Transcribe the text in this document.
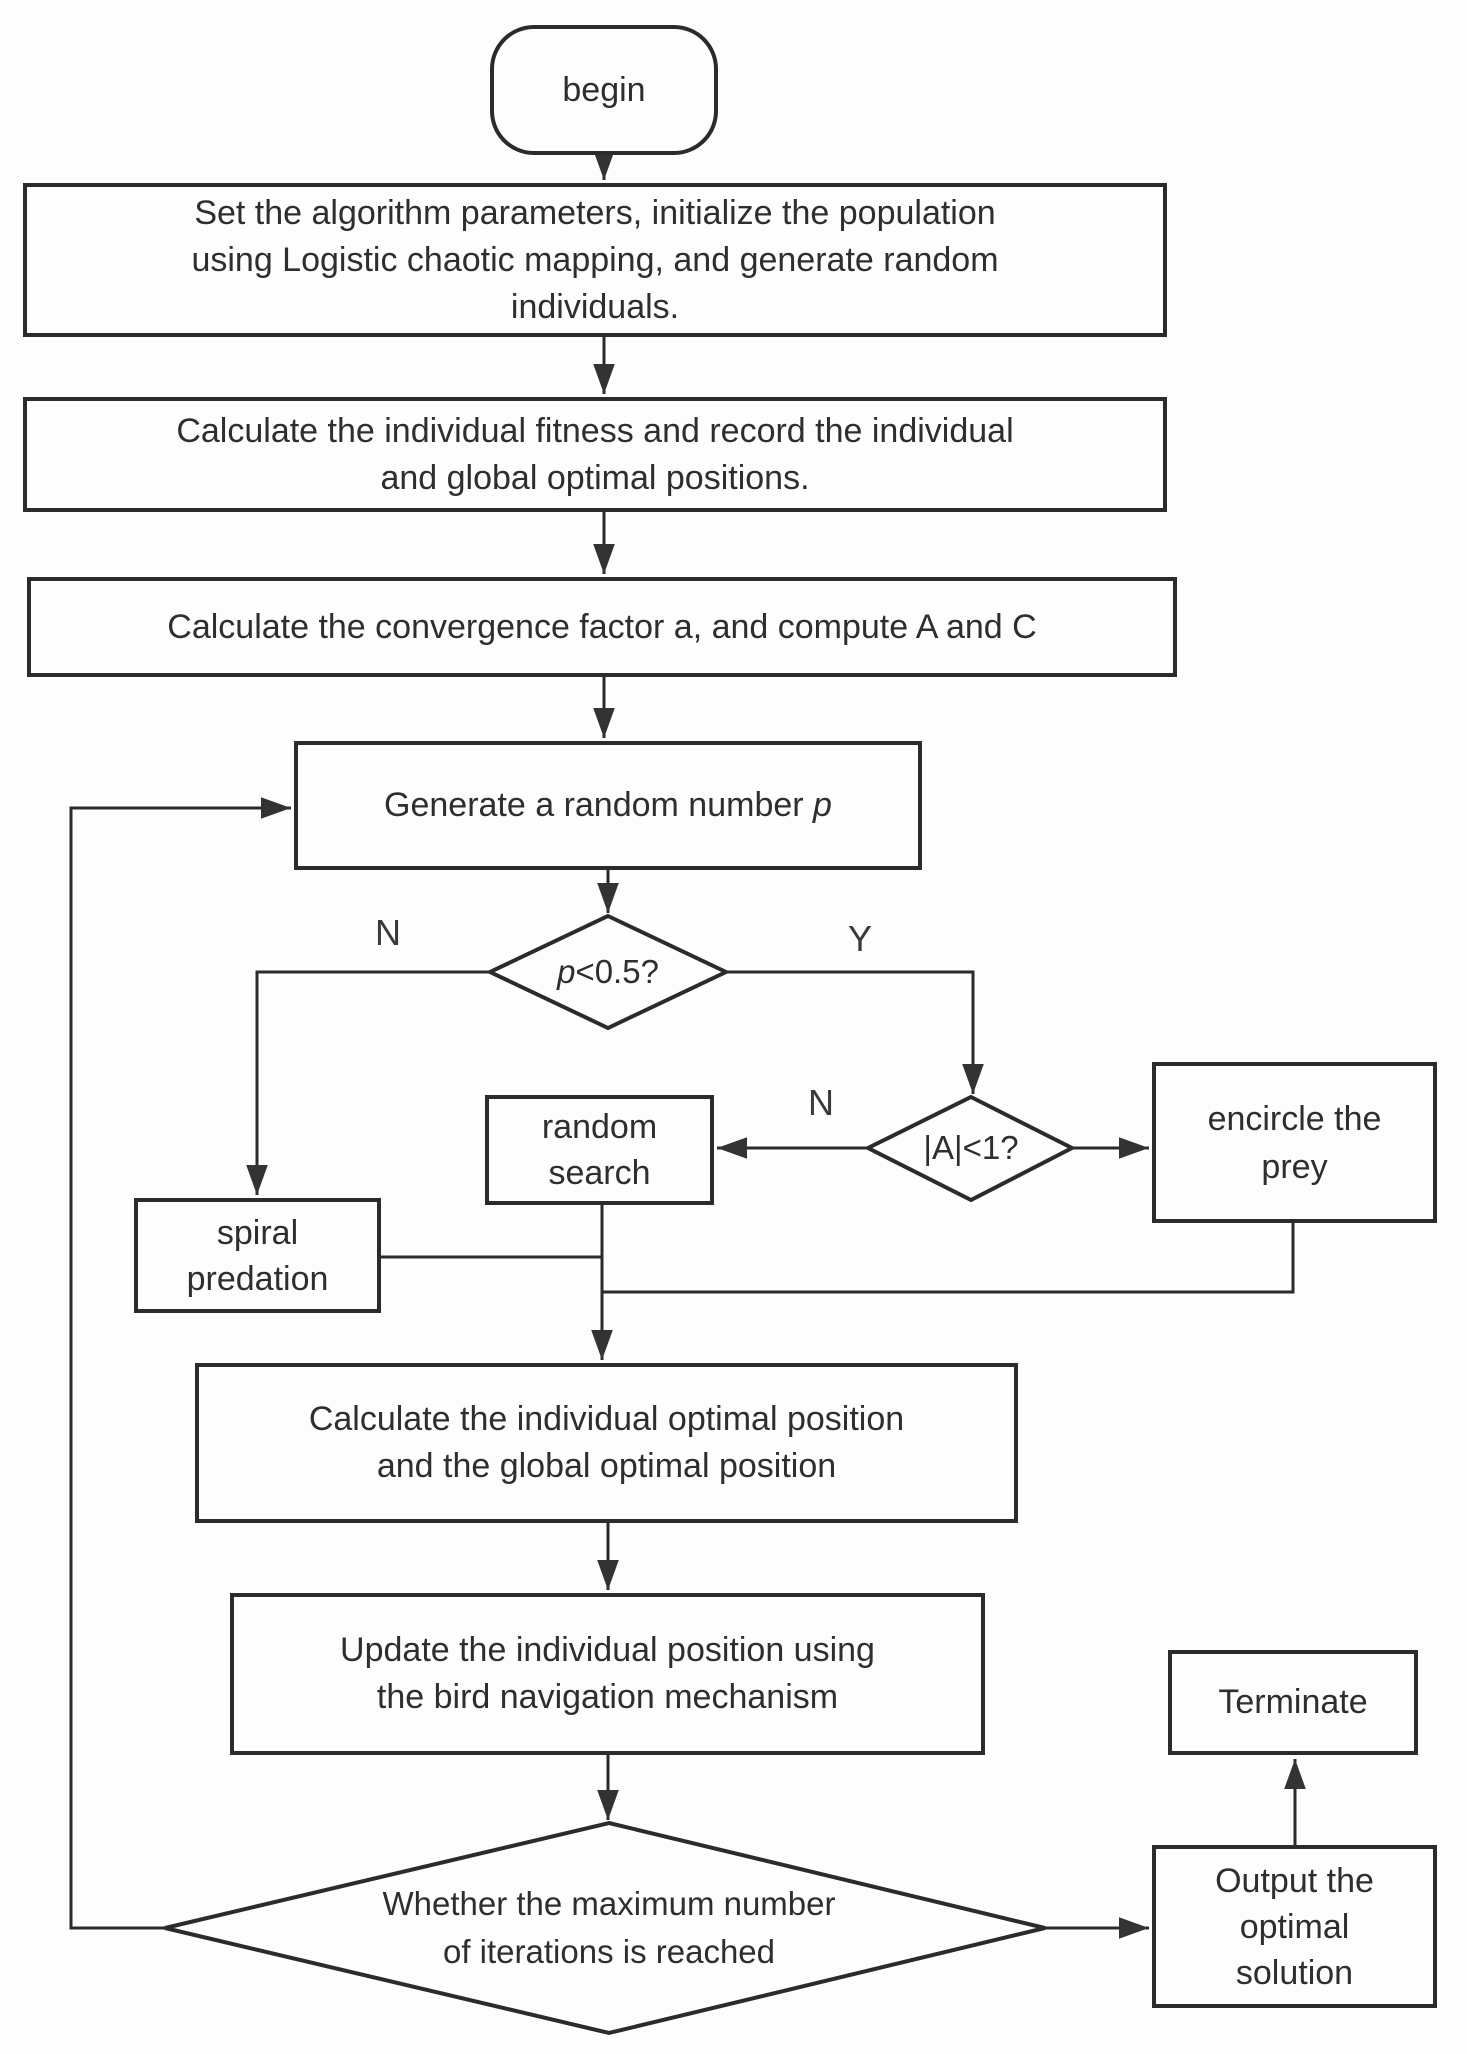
begin
Set the algorithm parameters, initialize the population
using Logistic chaotic mapping, and generate random
individuals.
Calculate the individual fitness and record the individual
and global optimal positions.
Calculate the convergence factor a, and compute A and C
Generate a random number p
p<0.5?
|A|<1?
N	Y
N
random
search
encircle the
prey
spiral
predation
Calculate the individual optimal position
and the global optimal position
Update the individual position using
the bird navigation mechanism
Whether the maximum number
of iterations is reached
Output the
optimal
solution
Terminate
